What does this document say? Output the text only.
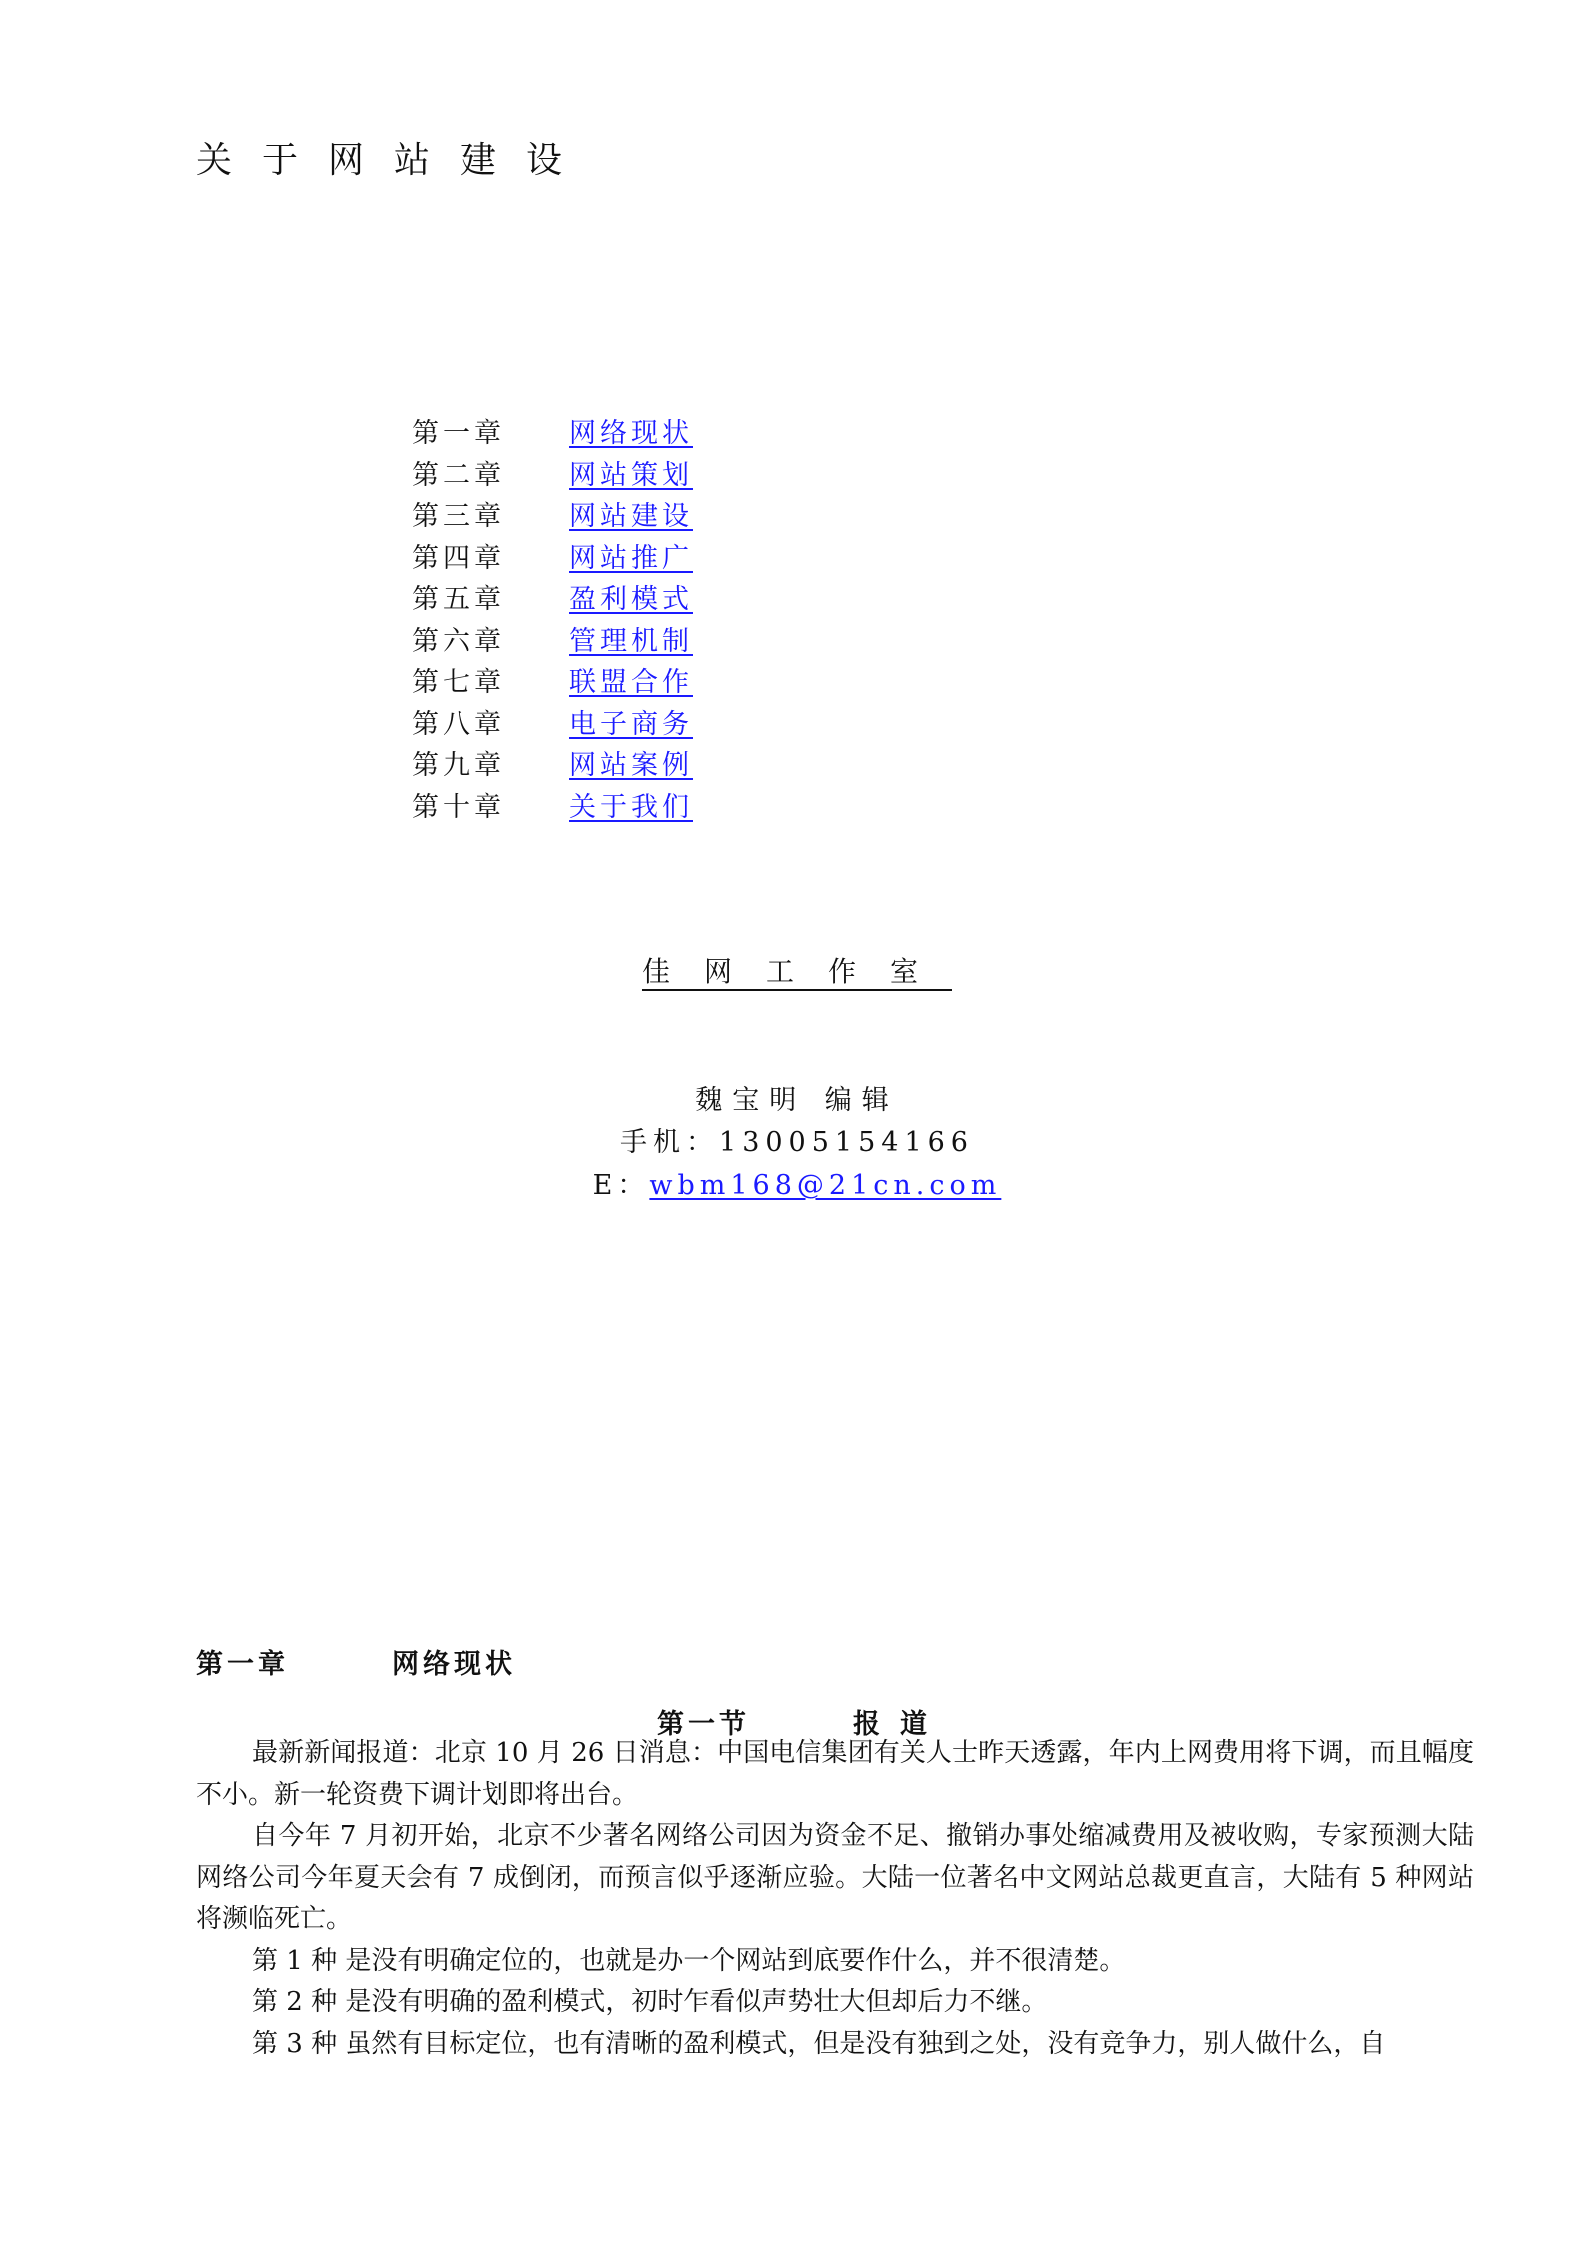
关于网站建设
第一章	网络现状
第二章	网站策划
第三章	网站建设
第四章	网站推广
第五章	盈利模式
第六章	管理机制
第七章	联盟合作
第八章	电子商务
第九章	网站案例
第十章	关于我们
佳网工作室
魏宝明 编辑
手机：13005154166
E：wbm168@21cn.com
第一章	网络现状
第一节	报道

最新新闻报道：北京 10 月 26 日消息：中国电信集团有关人士昨天透露，年内上网费用将下调，而且幅度不小。新一轮资费下调计划即将出台。

自今年 7 月初开始，北京不少著名网络公司因为资金不足、撤销办事处缩减费用及被收购，专家预测大陆网络公司今年夏天会有 7 成倒闭，而预言似乎逐渐应验。大陆一位著名中文网站总裁更直言，大陆有 5 种网站将濒临死亡。

第 1 种 是没有明确定位的，也就是办一个网站到底要作什么，并不很清楚。

第 2 种 是没有明确的盈利模式，初时乍看似声势壮大但却后力不继。

第 3 种 虽然有目标定位，也有清晰的盈利模式，但是没有独到之处，没有竞争力，别人做什么，自
